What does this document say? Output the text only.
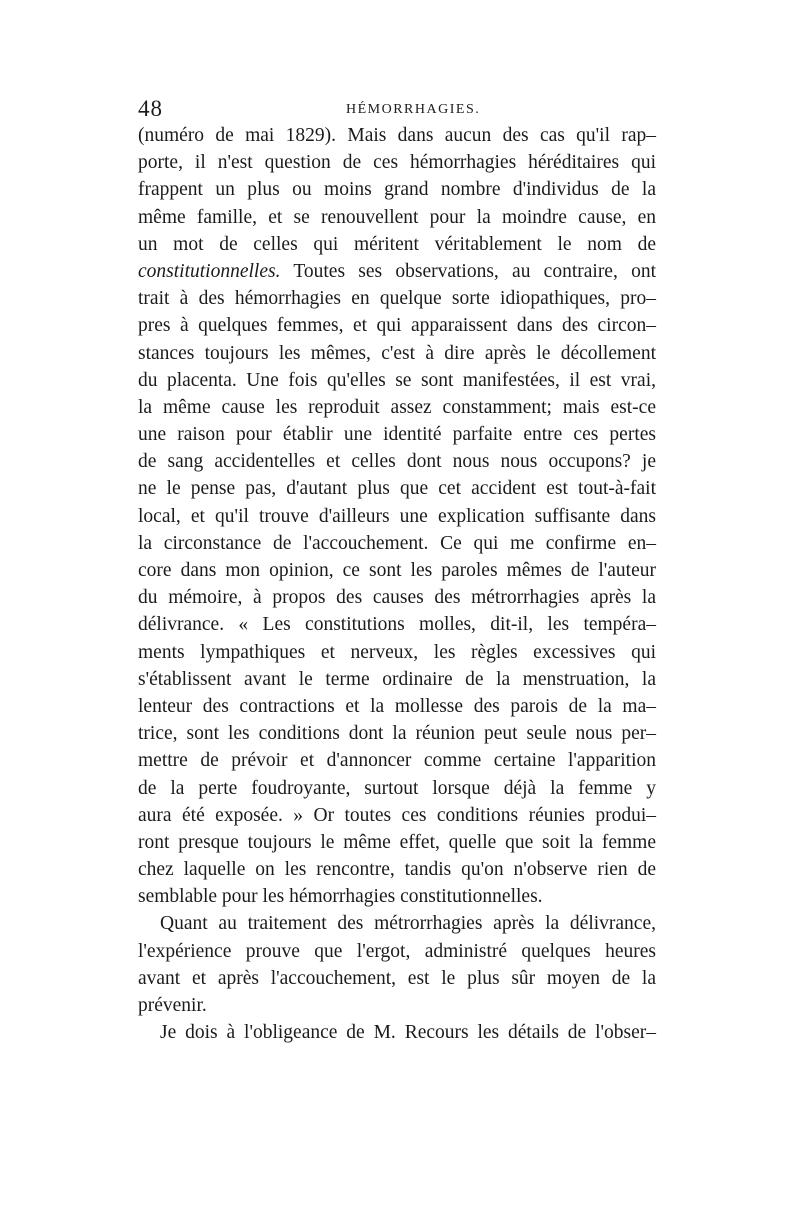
48	HÉMORRHAGIES .
(numéro de mai 1829). Mais dans aucun des cas qu'il rap–
porte, il n'est question de ces hémorrhagies héréditaires qui
frappent un plus ou moins grand nombre d'individus de la
même famille, et se renouvellent pour la moindre cause, en
un mot de celles qui méritent véritablement le nom de
constitutionnelles. Toutes ses observations, au contraire, ont
trait à des hémorrhagies en quelque sorte idiopathiques, pro–
pres à quelques femmes, et qui apparaissent dans des circon–
stances toujours les mêmes, c'est à dire après le décollement
du placenta. Une fois qu'elles se sont manifestées, il est vrai,
la même cause les reproduit assez constamment; mais est-ce
une raison pour établir une identité parfaite entre ces pertes
de sang accidentelles et celles dont nous nous occupons? je
ne le pense pas, d'autant plus que cet accident est tout-à-fait
local, et qu'il trouve d'ailleurs une explication suffisante dans
la circonstance de l'accouchement. Ce qui me confirme en–
core dans mon opinion, ce sont les paroles mêmes de l'auteur
du mémoire, à propos des causes des métrorrhagies après la
délivrance. « Les constitutions molles, dit-il, les tempéra–
ments lympathiques et nerveux, les règles excessives qui
s'établissent avant le terme ordinaire de la menstruation, la
lenteur des contractions et la mollesse des parois de la ma–
trice, sont les conditions dont la réunion peut seule nous per–
mettre de prévoir et d'annoncer comme certaine l'apparition
de la perte foudroyante, surtout lorsque déjà la femme y
aura été exposée. » Or toutes ces conditions réunies produi–
ront presque toujours le même effet, quelle que soit la femme
chez laquelle on les rencontre, tandis qu'on n'observe rien de
semblable pour les hémorrhagies constitutionnelles.
Quant au traitement des métrorrhagies après la délivrance,
l'expérience prouve que l'ergot, administré quelques heures
avant et après l'accouchement, est le plus sûr moyen de la
prévenir.
Je dois à l'obligeance de M. Recours les détails de l'obser–
